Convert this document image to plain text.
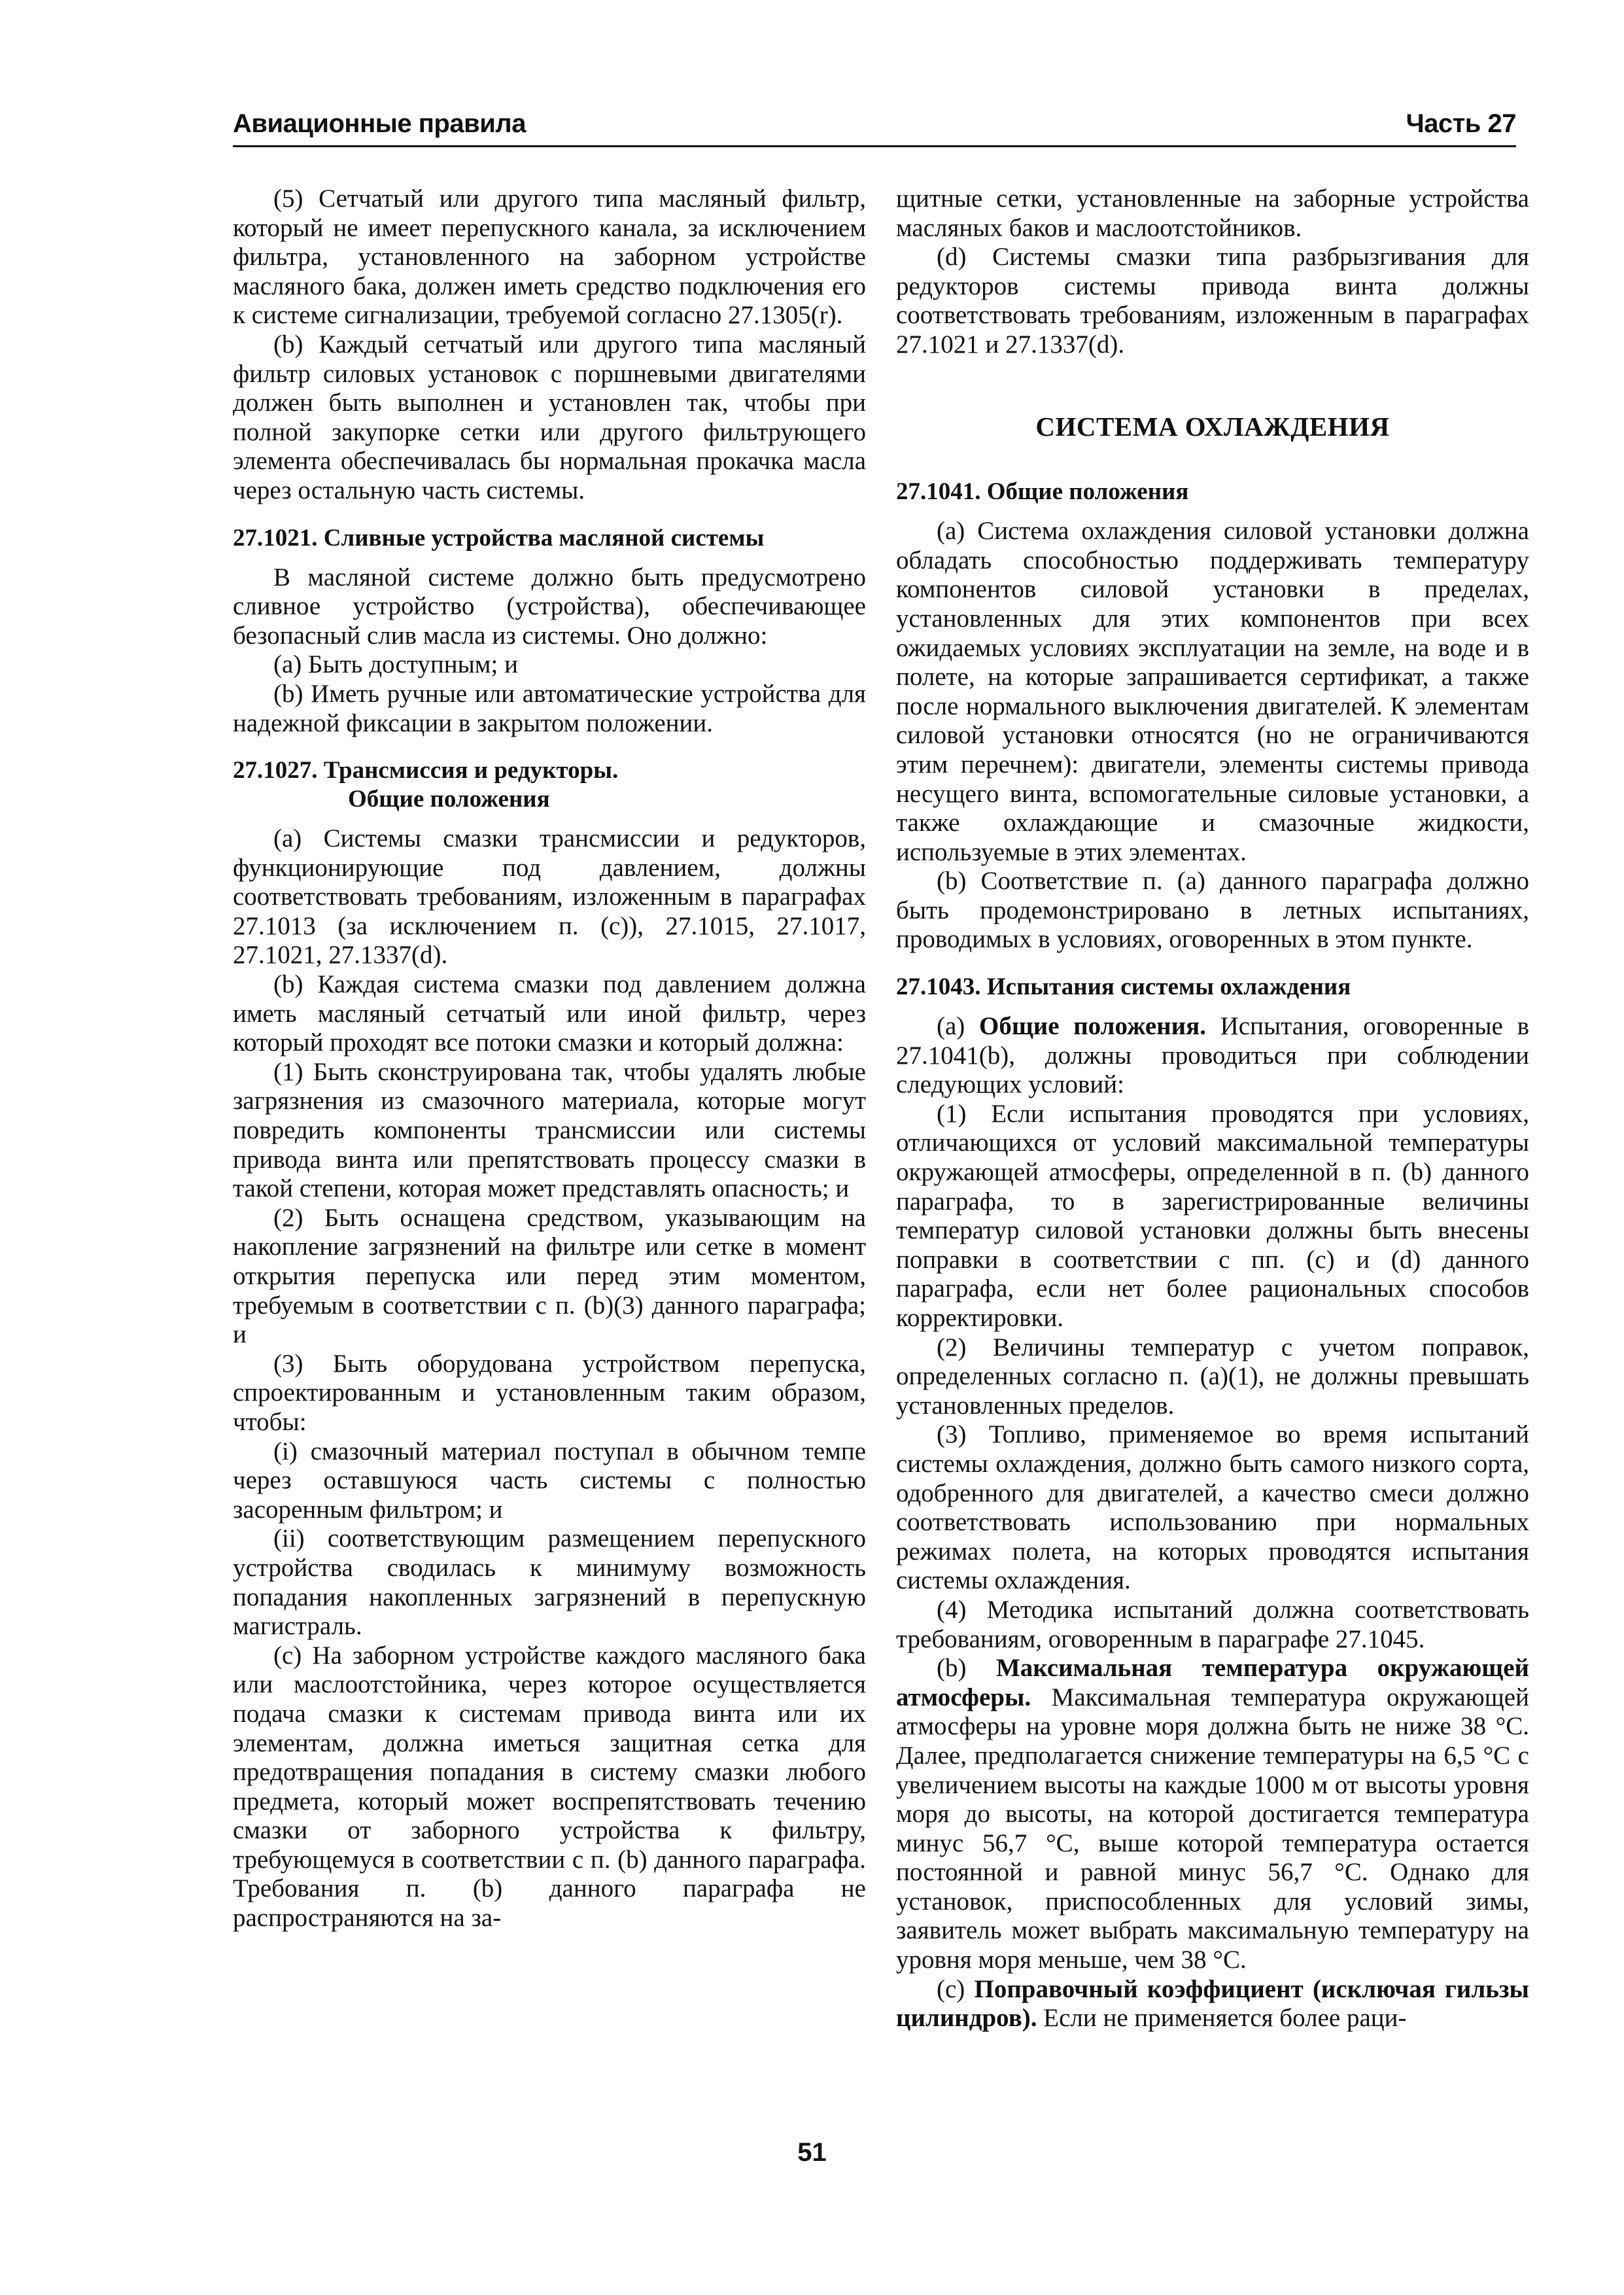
Авиационные правила	Часть 27

(5) Сетчатый или другого типа масляный фильтр, который не имеет перепускного канала, за исключением фильтра, установленного на заборном устройстве масляного бака, должен иметь средство подключения его к системе сигнализации, требуемой согласно 27.1305(r).

(b) Каждый сетчатый или другого типа масляный фильтр силовых установок с поршневыми двигателями должен быть выполнен и установлен так, чтобы при полной закупорке сетки или другого фильтрующего элемента обеспечивалась бы нормальная прокачка масла через остальную часть системы.

27.1021. Сливные устройства масляной системы

В масляной системе должно быть предусмотрено сливное устройство (устройства), обеспечивающее безопасный слив масла из системы. Оно должно:

(a) Быть доступным; и

(b) Иметь ручные или автоматические устройства для надежной фиксации в закрытом положении.

27.1027. Трансмиссия и редукторы.
Общие положения

(a) Системы смазки трансмиссии и редукторов, функционирующие под давлением, должны соответствовать требованиям, изложенным в параграфах 27.1013 (за исключением п. (c)), 27.1015, 27.1017, 27.1021, 27.1337(d).

(b) Каждая система смазки под давлением должна иметь масляный сетчатый или иной фильтр, через который проходят все потоки смазки и который должна:

(1) Быть сконструирована так, чтобы удалять любые загрязнения из смазочного материала, которые могут повредить компоненты трансмиссии или системы привода винта или препятствовать процессу смазки в такой степени, которая может представлять опасность; и

(2) Быть оснащена средством, указывающим на накопление загрязнений на фильтре или сетке в момент открытия перепуска или перед этим моментом, требуемым в соответствии с п. (b)(3) данного параграфа; и

(3) Быть оборудована устройством перепуска, спроектированным и установленным таким образом, чтобы:

(i) смазочный материал поступал в обычном темпе через оставшуюся часть системы с полностью засоренным фильтром; и

(ii) соответствующим размещением перепускного устройства сводилась к минимуму возможность попадания накопленных загрязнений в перепускную магистраль.

(c) На заборном устройстве каждого масляного бака или маслоотстойника, через которое осуществляется подача смазки к системам привода винта или их элементам, должна иметься защитная сетка для предотвращения попадания в систему смазки любого предмета, который может воспрепятствовать течению смазки от заборного устройства к фильтру, требующемуся в соответствии с п. (b) данного параграфа. Требования п. (b) данного параграфа не распространяются на за-

щитные сетки, установленные на заборные устройства масляных баков и маслоотстойников.

(d) Системы смазки типа разбрызгивания для редукторов системы привода винта должны соответствовать требованиям, изложенным в параграфах 27.1021 и 27.1337(d).

СИСТЕМА ОХЛАЖДЕНИЯ
27.1041. Общие положения

(a) Система охлаждения силовой установки должна обладать способностью поддерживать температуру компонентов силовой установки в пределах, установленных для этих компонентов при всех ожидаемых условиях эксплуатации на земле, на воде и в полете, на которые запрашивается сертификат, а также после нормального выключения двигателей. К элементам силовой установки относятся (но не ограничиваются этим перечнем): двигатели, элементы системы привода несущего винта, вспомогательные силовые установки, а также охлаждающие и смазочные жидкости, используемые в этих элементах.

(b) Соответствие п. (a) данного параграфа должно быть продемонстрировано в летных испытаниях, проводимых в условиях, оговоренных в этом пункте.

27.1043. Испытания системы охлаждения

(a) Общие положения. Испытания, оговоренные в 27.1041(b), должны проводиться при соблюдении следующих условий:

(1) Если испытания проводятся при условиях, отличающихся от условий максимальной температуры окружающей атмосферы, определенной в п. (b) данного параграфа, то в зарегистрированные величины температур силовой установки должны быть внесены поправки в соответствии с пп. (c) и (d) данного параграфа, если нет более рациональных способов корректировки.

(2) Величины температур с учетом поправок, определенных согласно п. (a)(1), не должны превышать установленных пределов.

(3) Топливо, применяемое во время испытаний системы охлаждения, должно быть самого низкого сорта, одобренного для двигателей, а качество смеси должно соответствовать использованию при нормальных режимах полета, на которых проводятся испытания системы охлаждения.

(4) Методика испытаний должна соответствовать требованиям, оговоренным в параграфе 27.1045.

(b) Максимальная температура окружающей атмосферы. Максимальная температура окружающей атмосферы на уровне моря должна быть не ниже 38 °C. Далее, предполагается снижение температуры на 6,5 °C с увеличением высоты на каждые 1000 м от высоты уровня моря до высоты, на которой достигается температура минус 56,7 °C, выше которой температура остается постоянной и равной минус 56,7 °C. Однако для установок, приспособленных для условий зимы, заявитель может выбрать максимальную температуру на уровня моря меньше, чем 38 °C.

(c) Поправочный коэффициент (исключая гильзы цилиндров). Если не применяется более раци-

51
